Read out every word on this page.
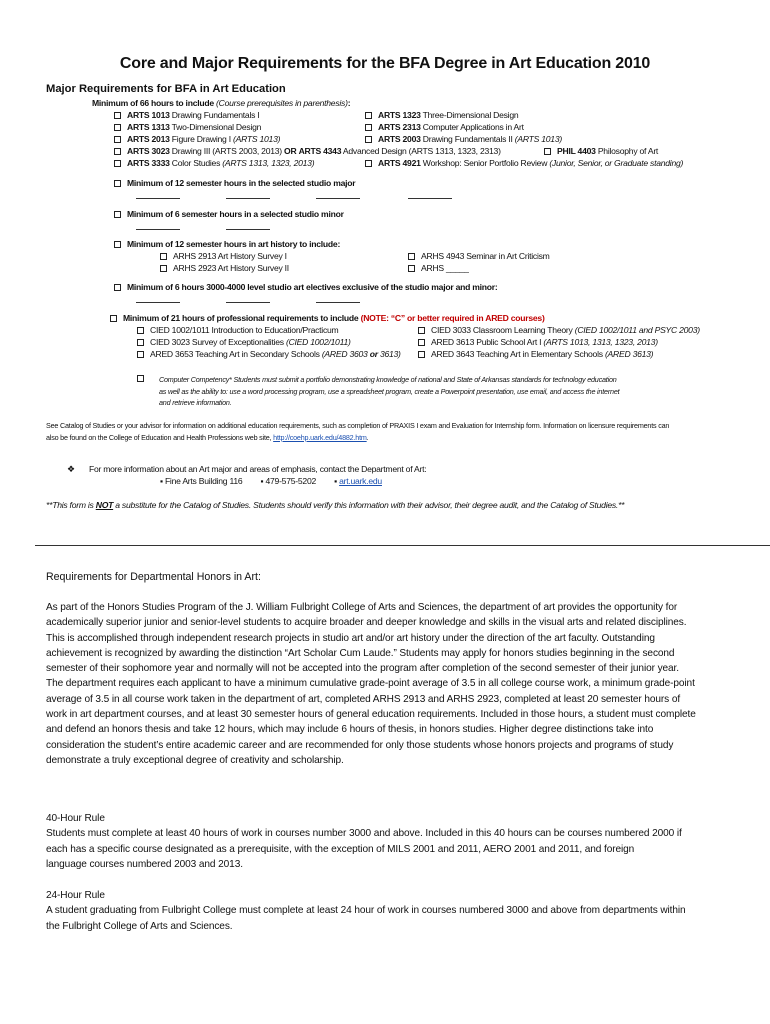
Core and Major Requirements for the BFA Degree in Art Education 2010
Major Requirements for BFA in Art Education
Minimum of 66 hours to include (Course prerequisites in parenthesis):
ARTS 1013 Drawing Fundamentals I
ARTS 1313 Two-Dimensional Design
ARTS 2013 Figure Drawing I (ARTS 1013)
ARTS 3023 Drawing III (ARTS 2003, 2013) OR ARTS 4343 Advanced Design (ARTS 1313, 1323, 2313)
ARTS 3333 Color Studies (ARTS 1313, 1323, 2013)
ARTS 1323 Three-Dimensional Design
ARTS 2313 Computer Applications in Art
ARTS 2003 Drawing Fundamentals II (ARTS 1013)
PHIL 4403 Philosophy of Art
ARTS 4921 Workshop: Senior Portfolio Review (Junior, Senior, or Graduate standing)
Minimum of 12 semester hours in the selected studio major
Minimum of 6 semester hours in a selected studio minor
Minimum of 12 semester hours in art history to include:
ARHS 2913 Art History Survey I
ARHS 2923 Art History Survey II
ARHS 4943 Seminar in Art Criticism
ARHS _____
Minimum of 6 hours 3000-4000 level studio art electives exclusive of the studio major and minor:
Minimum of 21 hours of professional requirements to include (NOTE: “C” or better required in ARED courses)
CIED 1002/1011 Introduction to Education/Practicum
CIED 3023 Survey of Exceptionalities (CIED 1002/1011)
ARED 3653 Teaching Art in Secondary Schools (ARED 3603 or 3613)
CIED 3033 Classroom Learning Theory (CIED 1002/1011 and PSYC 2003)
ARED 3613 Public School Art I (ARTS 1013, 1313, 1323, 2013)
ARED 3643 Teaching Art in Elementary Schools (ARED 3613)
Computer Competency* Students must submit a portfolio demonstrating knowledge of national and State of Arkansas standards for technology education
as well as the ability to: use a word processing program, use a spreadsheet program, create a Powerpoint presentation, use email, and access the internet
and retrieve information.
See Catalog of Studies or your advisor for information on additional education requirements, such as completion of PRAXIS I exam and Evaluation for Internship form. Information on licensure requirements can
also be found on the College of Education and Health Professions web site, http://coehp.uark.edu/4882.htm.
❖ For more information about an Art major and areas of emphasis, contact the Department of Art:
▪ Fine Arts Building 116 ▪ 479-575-5202 ▪ art.uark.edu
**This form is NOT a substitute for the Catalog of Studies. Students should verify this information with their advisor, their degree audit, and the Catalog of Studies.**
Requirements for Departmental Honors in Art:

As part of the Honors Studies Program of the J. William Fulbright College of Arts and Sciences, the department of art provides the opportunity for

academically superior junior and senior-level students to acquire broader and deeper knowledge and skills in the visual arts and related disciplines.

This is accomplished through independent research projects in studio art and/or art history under the direction of the art faculty. Outstanding

achievement is recognized by awarding the distinction “Art Scholar Cum Laude.” Students may apply for honors studies beginning in the second

semester of their sophomore year and normally will not be accepted into the program after completion of the second semester of their junior year.

The department requires each applicant to have a minimum cumulative grade-point average of 3.5 in all college course work, a minimum grade-point

average of 3.5 in all course work taken in the department of art, completed ARHS 2913 and ARHS 2923, completed at least 20 semester hours of

work in art department courses, and at least 30 semester hours of general education requirements. Included in those hours, a student must complete

and defend an honors thesis and take 12 hours, which may include 6 hours of thesis, in honors studies. Higher degree distinctions take into

consideration the student’s entire academic career and are recommended for only those students whose honors projects and programs of study

demonstrate a truly exceptional degree of creativity and scholarship.

40-Hour Rule

Students must complete at least 40 hours of work in courses number 3000 and above. Included in this 40 hours can be courses numbered 2000 if

each has a specific course designated as a prerequisite, with the exception of MILS 2001 and 2011, AERO 2001 and 2011, and foreign

language courses numbered 2003 and 2013.

24-Hour Rule

A student graduating from Fulbright College must complete at least 24 hour of work in courses numbered 3000 and above from departments within

the Fulbright College of Arts and Sciences.
